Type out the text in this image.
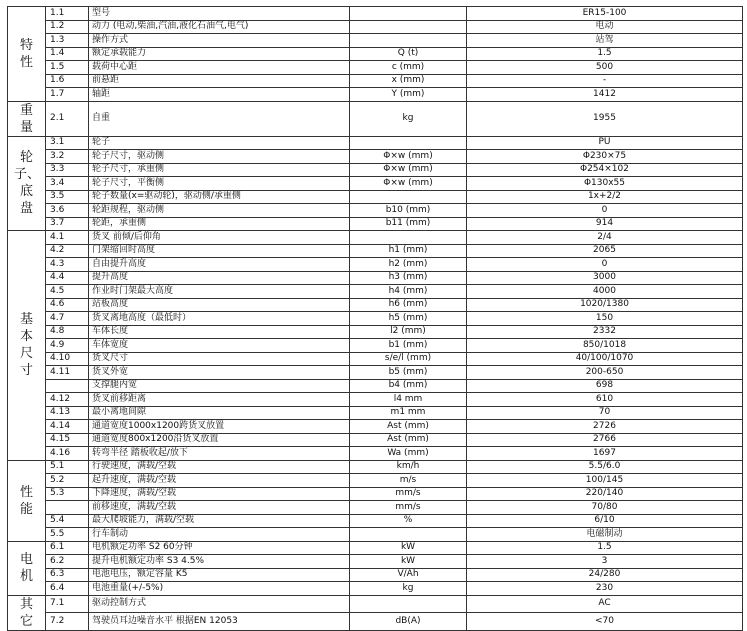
特性	1.1	型号		ER15-100
	1.2	动力 (电动,柴油,汽油,液化石油气,电气)		电动
	1.3	操作方式		站驾
	1.4	额定承载能力	Q (t)	1.5
	1.5	载荷中心距	c (mm)	500
	1.6	前悬距	x (mm)	-
	1.7	轴距	Y (mm)	1412
重量	2.1	自重	kg	1955
轮子、底盘	3.1	轮子		PU
	3.2	轮子尺寸，驱动侧	Φ×w (mm)	Φ230×75
	3.3	轮子尺寸，承重侧	Φ×w (mm)	Φ254×102
	3.4	轮子尺寸，平衡侧	Φ×w (mm)	Φ130x55
	3.5	轮子数量(x=驱动轮)，驱动侧/承重侧		1x+2/2
	3.6	轮距规程，驱动侧	b10 (mm)	0
	3.7	轮距，承重侧	b11 (mm)	914
基本尺寸	4.1	货叉 前倾/后仰角		2/4
	4.2	门架缩回时高度	h1 (mm)	2065
	4.3	自由提升高度	h2 (mm)	0
	4.4	提升高度	h3 (mm)	3000
	4.5	作业时门架最大高度	h4 (mm)	4000
	4.6	站板高度	h6 (mm)	1020/1380
	4.7	货叉离地高度（最低时）	h5 (mm)	150
	4.8	车体长度	l2 (mm)	2332
	4.9	车体宽度	b1 (mm)	850/1018
	4.10	货叉尺寸	s/e/l (mm)	40/100/1070
	4.11	货叉外宽	b5 (mm)	200-650
		支撑腿内宽	b4 (mm)	698
	4.12	货叉前移距离	l4 mm	610
	4.13	最小离地间隙	m1 mm	70
	4.14	通道宽度1000x1200跨货叉放置	Ast (mm)	2726
	4.15	通道宽度800x1200沿货叉放置	Ast (mm)	2766
	4.16	转弯半径 踏板收起/放下	Wa (mm)	1697
性能	5.1	行驶速度，满载/空载	km/h	5.5/6.0
	5.2	起升速度，满载/空载	m/s	100/145
	5.3	下降速度，满载/空载	mm/s	220/140
		前移速度，满载/空载	mm/s	70/80
	5.4	最大爬坡能力，满载/空载	%	6/10
	5.5	行车制动		电磁制动
电机	6.1	电机额定功率 S2 60分钟	kW	1.5
	6.2	提升电机额定功率 S3 4.5%	kW	3
	6.3	电池电压，额定容量 K5	V/Ah	24/280
	6.4	电池重量(+/-5%)	kg	230
其它	7.1	驱动控制方式		AC
	7.2	驾驶员耳边噪音水平 根据EN 12053	dB(A)	<70
